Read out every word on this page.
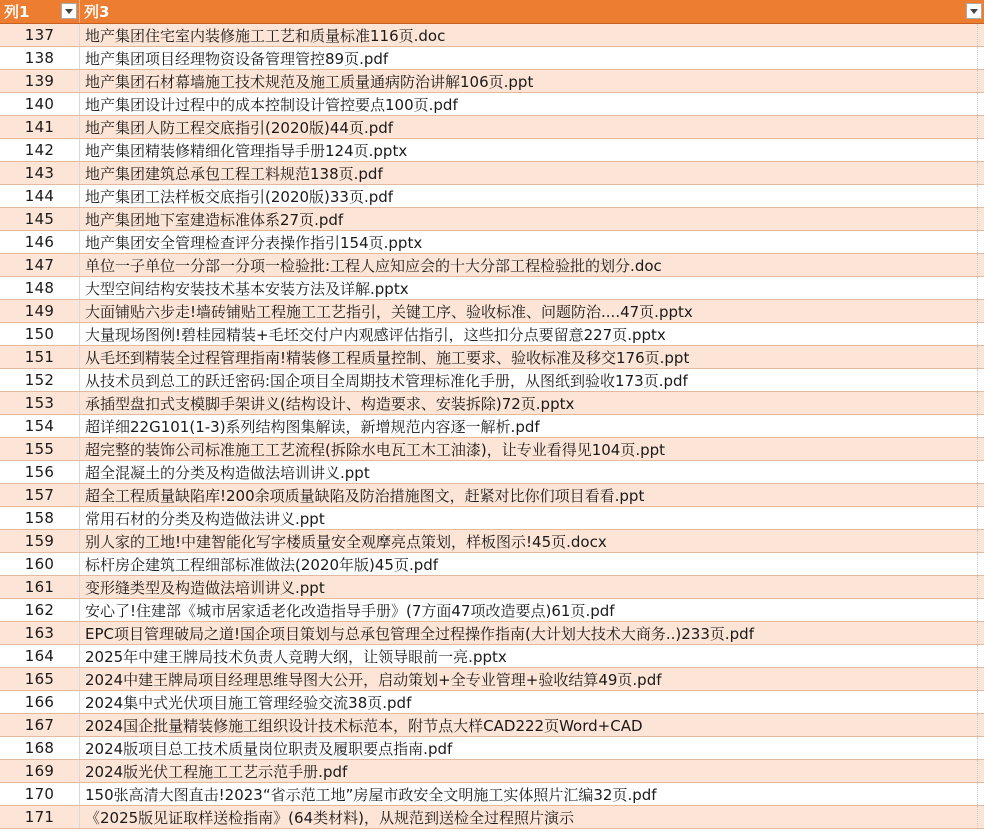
列1	列3
137	地产集团住宅室内装修施工工艺和质量标准116页.doc
138	地产集团项目经理物资设备管理管控89页.pdf
139	地产集团石材幕墙施工技术规范及施工质量通病防治讲解106页.ppt
140	地产集团设计过程中的成本控制设计管控要点100页.pdf
141	地产集团人防工程交底指引(2020版)44页.pdf
142	地产集团精装修精细化管理指导手册124页.pptx
143	地产集团建筑总承包工程工料规范138页.pdf
144	地产集团工法样板交底指引(2020版)33页.pdf
145	地产集团地下室建造标准体系27页.pdf
146	地产集团安全管理检查评分表操作指引154页.pptx
147	单位一子单位一分部一分项一检验批:工程人应知应会的十大分部工程检验批的划分.doc
148	大型空间结构安装技术基本安装方法及详解.pptx
149	大面铺贴六步走!墙砖铺贴工程施工工艺指引，关键工序、验收标准、问题防治....47页.pptx
150	大量现场图例!碧桂园精装+毛坯交付户内观感评估指引，这些扣分点要留意227页.pptx
151	从毛坯到精装全过程管理指南!精装修工程质量控制、施工要求、验收标准及移交176页.ppt
152	从技术员到总工的跃迁密码:国企项目全周期技术管理标准化手册，从图纸到验收173页.pdf
153	承插型盘扣式支模脚手架讲义(结构设计、构造要求、安装拆除)72页.pptx
154	超详细22G101(1-3)系列结构图集解读，新增规范内容逐一解析.pdf
155	超完整的装饰公司标准施工工艺流程(拆除水电瓦工木工油漆)，让专业看得见104页.ppt
156	超全混凝土的分类及构造做法培训讲义.ppt
157	超全工程质量缺陷库!200余项质量缺陷及防治措施图文，赶紧对比你们项目看看.ppt
158	常用石材的分类及构造做法讲义.ppt
159	别人家的工地!中建智能化写字楼质量安全观摩亮点策划，样板图示!45页.docx
160	标杆房企建筑工程细部标准做法(2020年版)45页.pdf
161	变形缝类型及构造做法培训讲义.ppt
162	安心了!住建部《城市居家适老化改造指导手册》(7方面47项改造要点)61页.pdf
163	EPC项目管理破局之道!国企项目策划与总承包管理全过程操作指南(大计划大技术大商务..)233页.pdf
164	2025年中建王牌局技术负责人竞聘大纲，让领导眼前一亮.pptx
165	2024中建王牌局项目经理思维导图大公开，启动策划+全专业管理+验收结算49页.pdf
166	2024集中式光伏项目施工管理经验交流38页.pdf
167	2024国企批量精装修施工组织设计技术标范本，附节点大样CAD222页Word+CAD
168	2024版项目总工技术质量岗位职责及履职要点指南.pdf
169	2024版光伏工程施工工艺示范手册.pdf
170	150张高清大图直击!2023“省示范工地”房屋市政安全文明施工实体照片汇编32页.pdf
171	《2025版见证取样送检指南》(64类材料)，从规范到送检全过程照片演示
